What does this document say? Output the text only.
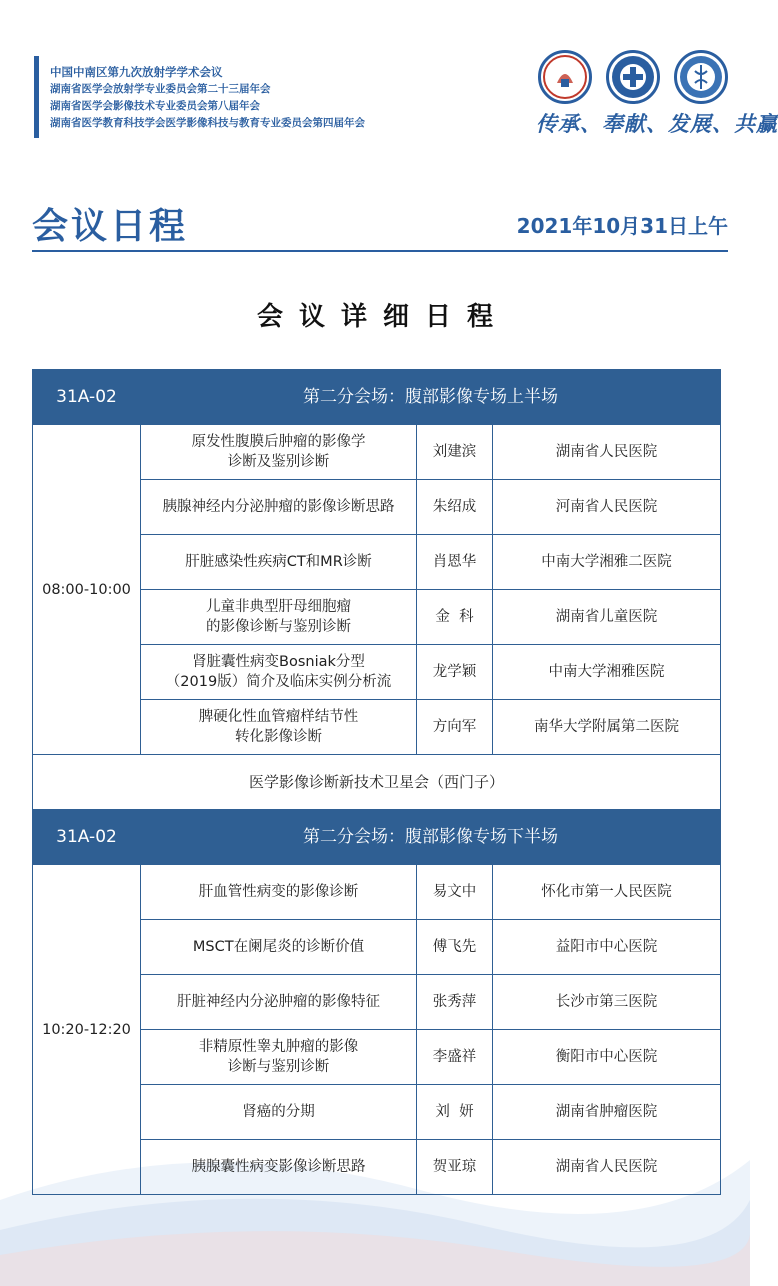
中国中南区第九次放射学学术会议
湖南省医学会放射学专业委员会第二十三届年会
湖南省医学会影像技术专业委员会第八届年会
湖南省医学教育科技学会医学影像科技与教育专业委员会第四届年会	传承、奉献、发展、共赢
会议日程	2021年10月31日上午
会议详细日程
31A-02	第二分会场：腹部影像专场上半场		
08:00-10:00	原发性腹膜后肿瘤的影像学
诊断及鉴别诊断	刘建滨	湖南省人民医院
	胰腺神经内分泌肿瘤的影像诊断思路	朱绍成	河南省人民医院
	肝脏感染性疾病CT和MR诊断	肖恩华	中南大学湘雅二医院
	儿童非典型肝母细胞瘤
的影像诊断与鉴别诊断	金  科	湖南省儿童医院
	肾脏囊性病变Bosniak分型
（2019版）简介及临床实例分析流	龙学颖	中南大学湘雅医院
	脾硬化性血管瘤样结节性
转化影像诊断	方向军	南华大学附属第二医院
医学影像诊断新技术卫星会（西门子）			
31A-02	第二分会场：腹部影像专场下半场		
10:20-12:20	肝血管性病变的影像诊断	易文中	怀化市第一人民医院
	MSCT在阑尾炎的诊断价值	傅飞先	益阳市中心医院
	肝脏神经内分泌肿瘤的影像特征	张秀萍	长沙市第三医院
	非精原性睾丸肿瘤的影像
诊断与鉴别诊断	李盛祥	衡阳市中心医院
	肾癌的分期	刘  妍	湖南省肿瘤医院
	胰腺囊性病变影像诊断思路	贺亚琼	湖南省人民医院
